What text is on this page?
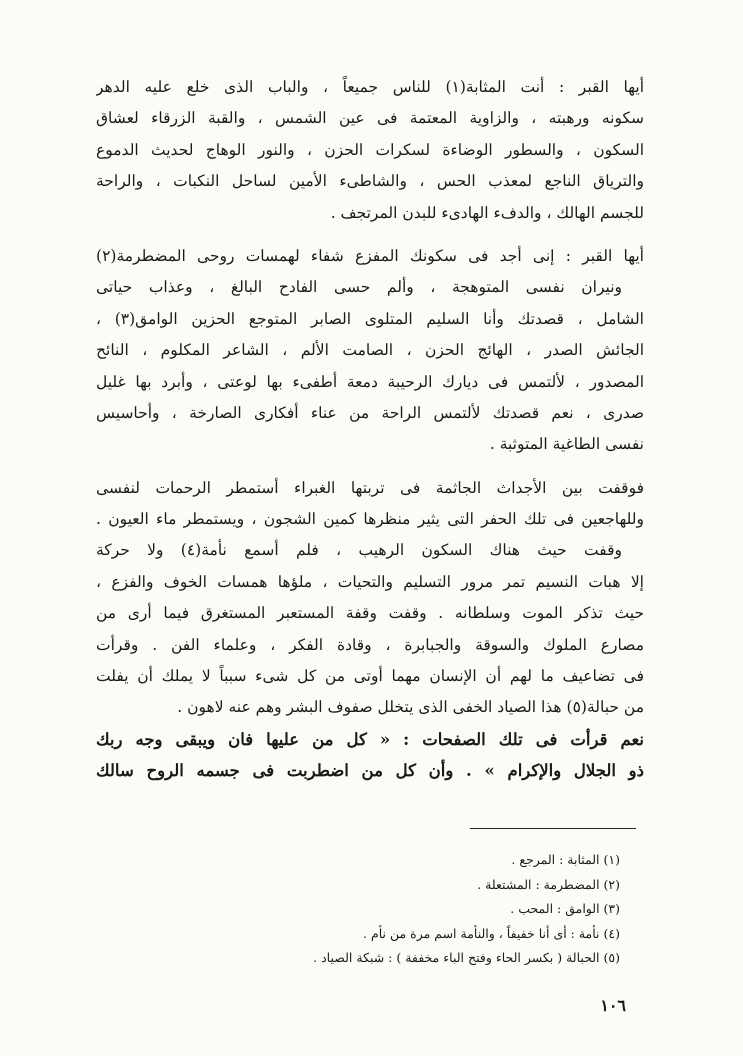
أيها القبر : أنت المثابة(١) للناس جميعاً ، والباب الذى خلع عليه الدهر
سكونه ورهبته ، والزاوية المعتمة فى عين الشمس ، والقبة الزرقاء لعشاق
السكون ، والسطور الوضاءة لسكرات الحزن ، والنور الوهاج لحديث الدموع
والترياق الناجع لمعذب الحس ، والشاطىء الأمين لساحل النكبات ، والراحة
للجسم الهالك ، والدفء الهادىء للبدن المرتجف .
أيها القبر : إنى أجد فى سكونك المفزع شفاء لهمسات روحى المضطرمة(٢)
ونيران نفسى المتوهجة ، وألم حسى الفادح البالغ ، وعذاب حياتى
الشامل ، قصدتك وأنا السليم المتلوى الصابر المتوجع الحزين الوامق(٣) ،
الجائش الصدر ، الهائج الحزن ، الصامت الألم ، الشاعر المكلوم ، النائح
المصدور ، لألتمس فى ديارك الرحيبة دمعة أطفىء بها لوعتى ، وأبرد بها غليل
صدرى ، نعم قصدتك لألتمس الراحة من عناء أفكارى الصارخة ، وأحاسيس
نفسى الطاغية المتوثبة .
فوقفت بين الأجداث الجاثمة فى تربتها الغبراء أستمطر الرحمات لنفسى
وللهاجعين فى تلك الحفر التى يثير منظرها كمين الشجون ، ويستمطر ماء العيون .
وقفت حيث هناك السكون الرهيب ، فلم أسمع نأمة(٤) ولا حركة
إلا هبات النسيم تمر مرور التسليم والتحيات ، ملؤها همسات الخوف والفزع ،
حيث تذكر الموت وسلطانه . وقفت وقفة المستعبر المستغرق فيما أرى من
مصارع الملوك والسوقة والجبابرة ، وقادة الفكر ، وعلماء الفن . وقرأت
فى تضاعيف ما لهم أن الإنسان مهما أوتى من كل شىء سبباً لا يملك أن يفلت
من حبالة(٥) هذا الصياد الخفى الذى يتخلل صفوف البشر وهم عنه لاهون .
نعم قرأت فى تلك الصفحات : « كل من عليها فان ويبقى وجه ربك
ذو الجلال والإكرام » . وأن كل من اضطربت فى جسمه الروح سالك
(١) المثابة : المرجع .
(٢) المضطرمة : المشتعلة .
(٣) الوامق : المحب .
(٤) نأمة : أى أنا خفيفاً ، والنأمة اسم مرة من نأم .
(٥) الحبالة ( بكسر الحاء وفتح الباء مخففة ) : شبكة الصياد .
١٠٦
